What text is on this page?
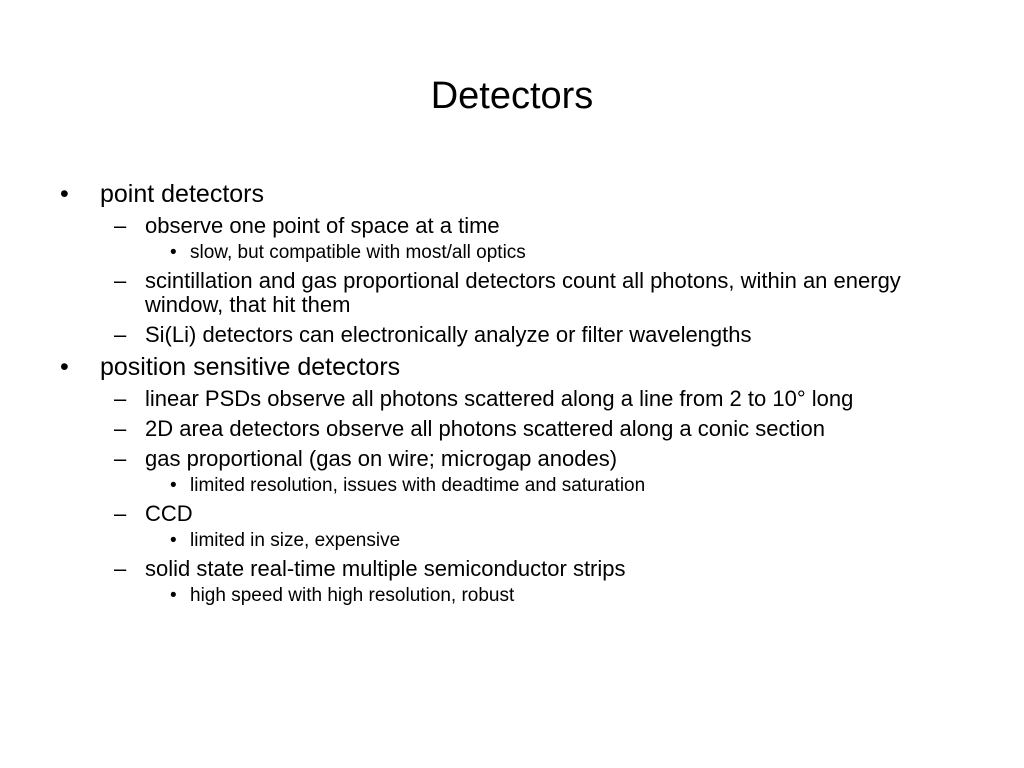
Detectors
• point detectors
– observe one point of space at a time
• slow, but compatible with most/all optics
– scintillation and gas proportional detectors count all photons, within an energy window, that hit them
– Si(Li) detectors can electronically analyze or filter wavelengths
• position sensitive detectors
– linear PSDs observe all photons scattered along a line from 2 to 10° long
– 2D area detectors observe all photons scattered along a conic section
– gas proportional (gas on wire; microgap anodes)
• limited resolution, issues with deadtime and saturation
– CCD
• limited in size, expensive
– solid state real-time multiple semiconductor strips
• high speed with high resolution, robust
